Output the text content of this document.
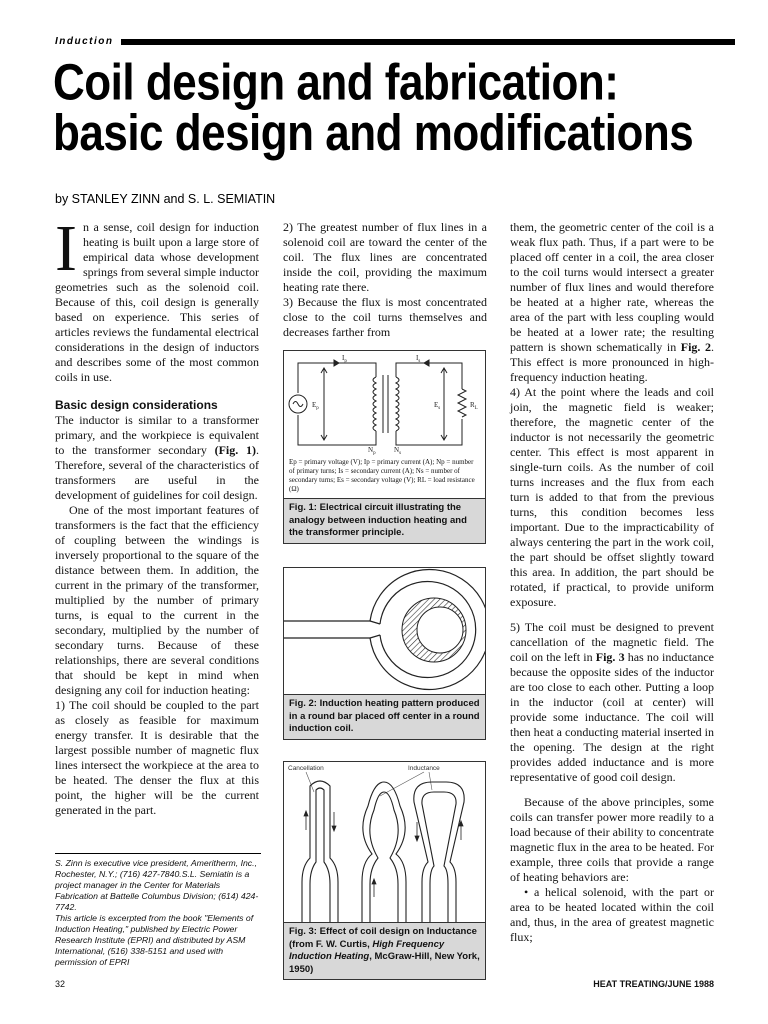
Induction
Coil design and fabrication:
basic design and modifications
by STANLEY ZINN and S. L. SEMIATIN

In a sense, coil design for induction heating is built upon a large store of empirical data whose development springs from several simple inductor geometries such as the solenoid coil. Because of this, coil design is generally based on experience. This series of articles reviews the fundamental electrical considerations in the design of inductors and describes some of the most common coils in use.

Basic design considerations

The inductor is similar to a transformer primary, and the workpiece is equivalent to the transformer secondary (Fig. 1). Therefore, several of the characteristics of transformers are useful in the development of guidelines for coil design.

One of the most important features of transformers is the fact that the efficiency of coupling between the windings is inversely proportional to the square of the distance between them. In addition, the current in the primary of the transformer, multiplied by the number of primary turns, is equal to the current in the secondary, multiplied by the number of secondary turns. Because of these relationships, there are several conditions that should be kept in mind when designing any coil for induction heating:

1) The coil should be coupled to the part as closely as feasible for maximum energy transfer. It is desirable that the largest possible number of magnetic flux lines intersect the workpiece at the area to be heated. The denser the flux at this point, the higher will be the current generated in the part.

S. Zinn is executive vice president, Ameritherm, Inc., Rochester, N.Y.; (716) 427-7840.S.L. Semiatin is a project manager in the Center for Materials Fabrication at Battelle Columbus Division; (614) 424-7742.

This article is excerpted from the book "Elements of Induction Heating," published by Electric Power Research Institute (EPRI) and distributed by ASM International, (516) 338-5151 and used with permission of EPRI

2) The greatest number of flux lines in a solenoid coil are toward the center of the coil. The flux lines are concentrated inside the coil, providing the maximum heating rate there.

3) Because the flux is most concentrated close to the coil turns themselves and decreases farther from

$I_p$	$I_s$
$E_p$	$E_s$	$R_L$
$N_p$	$N_s$
Ep = primary voltage (V); Ip = primary current (A); Np = number of primary turns; Is = secondary current (A); Ns = number of secondary turns; Es = secondary voltage (V); RL = load resistance (Ω)
Fig. 1: Electrical circuit illustrating the analogy between induction heating and the transformer principle.
Fig. 2: Induction heating pattern produced in a round bar placed off center in a round induction coil.
Cancellation	Inductance
Fig. 3: Effect of coil design on Inductance (from F. W. Curtis, High Frequency Induction Heating, McGraw-Hill, New York, 1950)

them, the geometric center of the coil is a weak flux path. Thus, if a part were to be placed off center in a coil, the area closer to the coil turns would intersect a greater number of flux lines and would therefore be heated at a higher rate, whereas the area of the part with less coupling would be heated at a lower rate; the resulting pattern is shown schematically in Fig. 2. This effect is more pronounced in high-frequency induction heating.

4) At the point where the leads and coil join, the magnetic field is weaker; therefore, the magnetic center of the inductor is not necessarily the geometric center. This effect is most apparent in single-turn coils. As the number of coil turns increases and the flux from each turn is added to that from the previous turns, this condition becomes less important. Due to the impracticability of always centering the part in the work coil, the part should be offset slightly toward this area. In addition, the part should be rotated, if practical, to provide uniform exposure.

5) The coil must be designed to prevent cancellation of the magnetic field. The coil on the left in Fig. 3 has no inductance because the opposite sides of the inductor are too close to each other. Putting a loop in the inductor (coil at center) will provide some inductance. The coil will then heat a conducting material inserted in the opening. The design at the right provides added inductance and is more representative of good coil design.

Because of the above principles, some coils can transfer power more readily to a load because of their ability to concentrate magnetic flux in the area to be heated. For example, three coils that provide a range of heating behaviors are:

• a helical solenoid, with the part or area to be heated located within the coil and, thus, in the area of greatest magnetic flux;

32	HEAT TREATING/JUNE 1988
